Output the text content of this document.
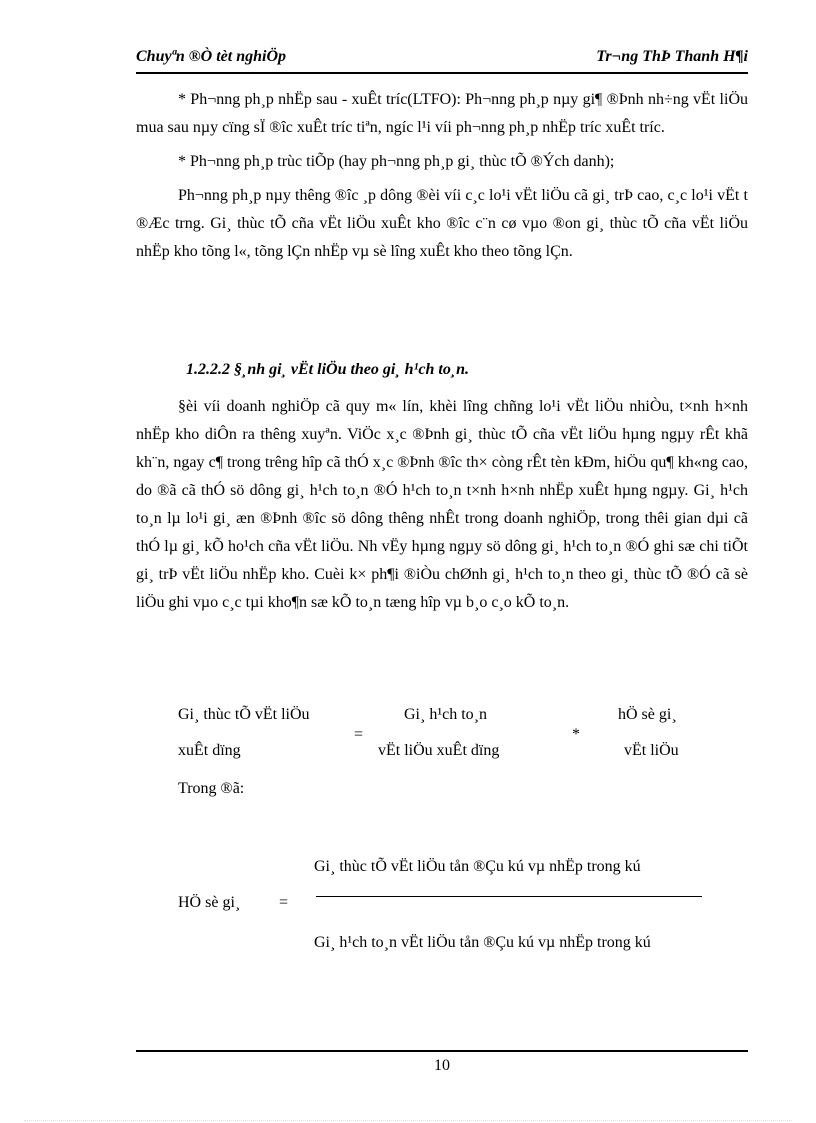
Chuyªn ®Ò tèt nghiÖp	Tr¬ng ThÞ Thanh H¶i

* Ph¬nng ph¸p nhËp sau - xuÊt tríc(LTFO): Ph¬nng ph¸p nµy gi¶ ®Þnh nh÷ng vËt liÖu mua sau nµy cïng sÏ ®îc xuÊt tríc tiªn, ngíc l¹i víi ph¬nng ph¸p nhËp tríc xuÊt tríc.

* Ph¬nng ph¸p trùc tiÕp (hay ph¬nng ph¸p gi¸ thùc tÕ ®Ých danh);

Ph¬nng ph¸p nµy thêng ®îc ¸p dông ®èi víi c¸c lo¹i vËt liÖu cã gi¸ trÞ cao, c¸c lo¹i vËt t ®Æc trng. Gi¸ thùc tÕ cña vËt liÖu xuÊt kho ®îc c¨n cø vµo ®on gi¸ thùc tÕ cña vËt liÖu nhËp kho tõng l«, tõng lÇn nhËp vµ sè lîng xuÊt kho theo tõng lÇn.

1.2.2.2 §¸nh gi¸ vËt liÖu theo gi¸ h¹ch to¸n.

§èi víi doanh nghiÖp cã quy m« lín, khèi lîng chñng lo¹i vËt liÖu nhiÒu, t×nh h×nh nhËp kho diÔn ra thêng xuyªn. ViÖc x¸c ®Þnh gi¸ thùc tÕ cña vËt liÖu hµng ngµy rÊt khã kh¨n, ngay c¶ trong trêng hîp cã thÓ x¸c ®Þnh ®îc th× còng rÊt tèn kÐm, hiÖu qu¶ kh«ng cao, do ®ã cã thÓ sö dông gi¸ h¹ch to¸n ®Ó h¹ch to¸n t×nh h×nh nhËp xuÊt hµng ngµy. Gi¸ h¹ch to¸n lµ lo¹i gi¸ æn ®Þnh ®îc sö dông thêng nhÊt trong doanh nghiÖp, trong thêi gian dµi cã thÓ lµ gi¸ kÕ ho¹ch cña vËt liÖu. Nh vËy hµng ngµy sö dông gi¸ h¹ch to¸n ®Ó ghi sæ chi tiÕt gi¸ trÞ vËt liÖu nhËp kho. Cuèi k× ph¶i ®iÒu chØnh gi¸ h¹ch to¸n theo gi¸ thùc tÕ ®Ó cã sè liÖu ghi vµo c¸c tµi kho¶n sæ kÕ to¸n tæng hîp vµ b¸o c¸o kÕ to¸n.

Gi¸ thùc tÕ vËt liÖu
xuÊt dïng
=
Gi¸ h¹ch to¸n
vËt liÖu xuÊt dïng
*
hÖ sè gi¸
vËt liÖu
Trong ®ã:
Gi¸ thùc tÕ vËt liÖu tån ®Çu kú vµ nhËp trong kú
HÖ sè gi¸ =
Gi¸ h¹ch to¸n vËt liÖu tån ®Çu kú vµ nhËp trong kú
10
